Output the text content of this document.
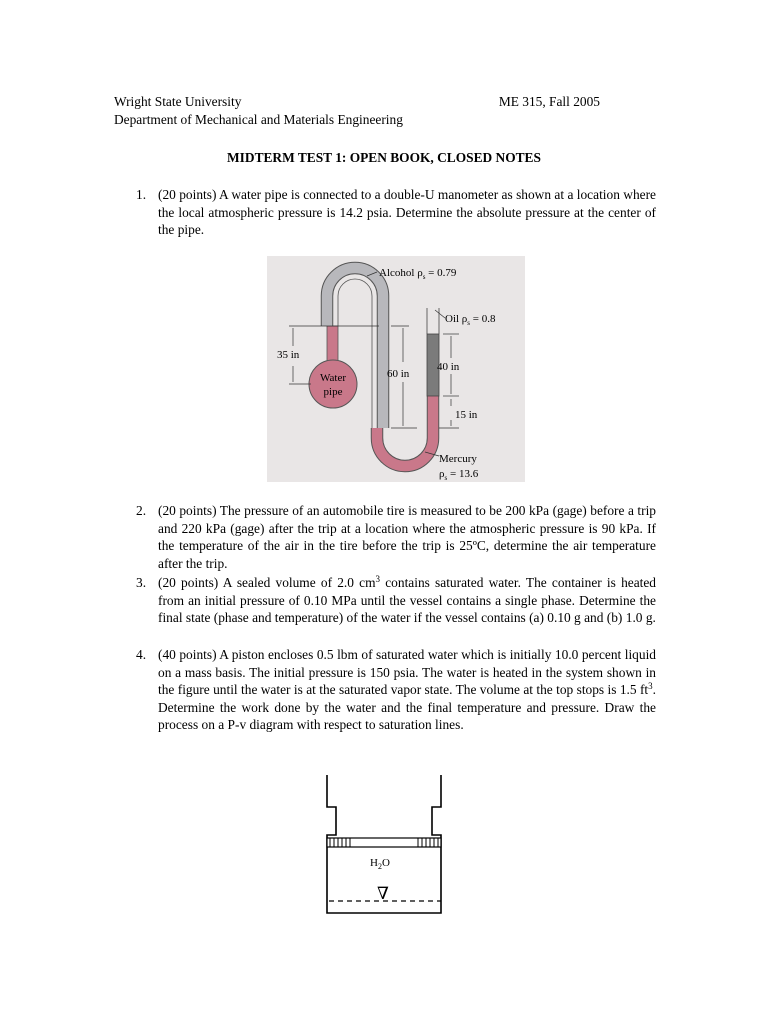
Wright State University	ME 315, Fall 2005
Department of Mechanical and Materials Engineering
MIDTERM TEST 1: OPEN BOOK, CLOSED NOTES
1. (20 points) A water pipe is connected to a double-U manometer as shown at a location where the local atmospheric pressure is 14.2 psia. Determine the absolute pressure at the center of the pipe.
Water
pipe
35 in
60 in
40 in
15 in
Alcohol $\rho_s = 0.79$
Oil $\rho_s = 0.8$
Mercury
$\rho_s = 13.6$
2. (20 points) The pressure of an automobile tire is measured to be 200 kPa (gage) before a trip and 220 kPa (gage) after the trip at a location where the atmospheric pressure is 90 kPa. If the temperature of the air in the tire before the trip is 25ºC, determine the air temperature after the trip.
3. (20 points) A sealed volume of 2.0 $cm^3$ contains saturated water. The container is heated from an initial pressure of 0.10 MPa until the vessel contains a single phase. Determine the final state (phase and temperature) of the water if the vessel contains (a) 0.10 g and (b) 1.0 g.
4. (40 points) A piston encloses 0.5 lbm of saturated water which is initially 10.0 percent liquid on a mass basis. The initial pressure is 150 psia. The water is heated in the system shown in the figure until the water is at the saturated vapor state. The volume at the top stops is 1.5 $ft^3$. Determine the work done by the water and the final temperature and pressure. Draw the process on a P-v diagram with respect to saturation lines.
$H_2O$
∇
